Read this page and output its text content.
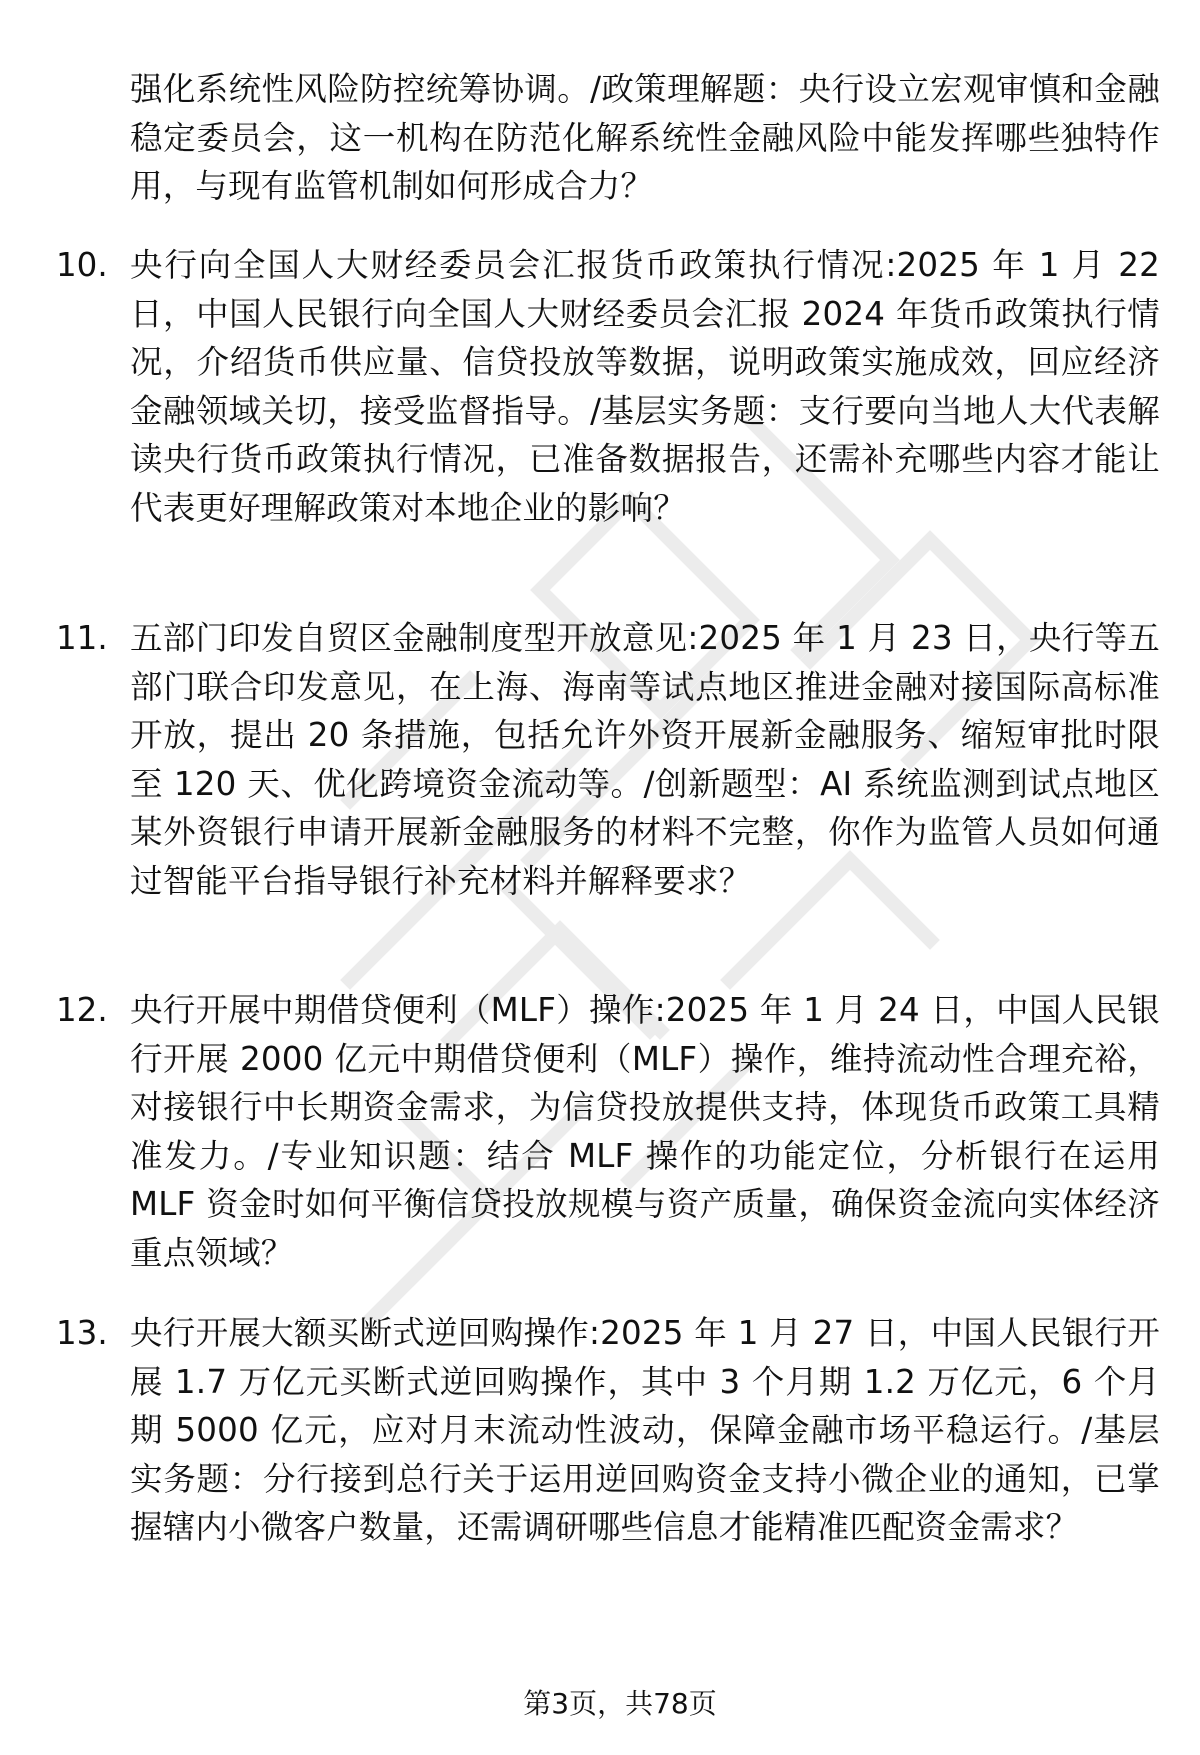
强化系统性风险防控统筹协调。/政策理解题：央行设立宏观审慎和金融稳定委员会，这一机构在防范化解系统性金融风险中能发挥哪些独特作用，与现有监管机制如何形成合力？
10. 央行向全国人大财经委员会汇报货币政策执行情况:2025 年 1 月 22 日，中国人民银行向全国人大财经委员会汇报 2024 年货币政策执行情况，介绍货币供应量、信贷投放等数据，说明政策实施成效，回应经济金融领域关切，接受监督指导。/基层实务题：支行要向当地人大代表解读央行货币政策执行情况，已准备数据报告，还需补充哪些内容才能让代表更好理解政策对本地企业的影响？
11. 五部门印发自贸区金融制度型开放意见:2025 年 1 月 23 日，央行等五部门联合印发意见，在上海、海南等试点地区推进金融对接国际高标准开放，提出 20 条措施，包括允许外资开展新金融服务、缩短审批时限至 120 天、优化跨境资金流动等。/创新题型：AI 系统监测到试点地区某外资银行申请开展新金融服务的材料不完整，你作为监管人员如何通过智能平台指导银行补充材料并解释要求？
12. 央行开展中期借贷便利（MLF）操作:2025 年 1 月 24 日，中国人民银行开展 2000 亿元中期借贷便利（MLF）操作，维持流动性合理充裕，对接银行中长期资金需求，为信贷投放提供支持，体现货币政策工具精准发力。/专业知识题：结合 MLF 操作的功能定位，分析银行在运用 MLF 资金时如何平衡信贷投放规模与资产质量，确保资金流向实体经济重点领域？
13. 央行开展大额买断式逆回购操作:2025 年 1 月 27 日，中国人民银行开展 1.7 万亿元买断式逆回购操作，其中 3 个月期 1.2 万亿元，6 个月期 5000 亿元，应对月末流动性波动，保障金融市场平稳运行。/基层实务题：分行接到总行关于运用逆回购资金支持小微企业的通知，已掌握辖内小微客户数量，还需调研哪些信息才能精准匹配资金需求？
第3页，共78页
